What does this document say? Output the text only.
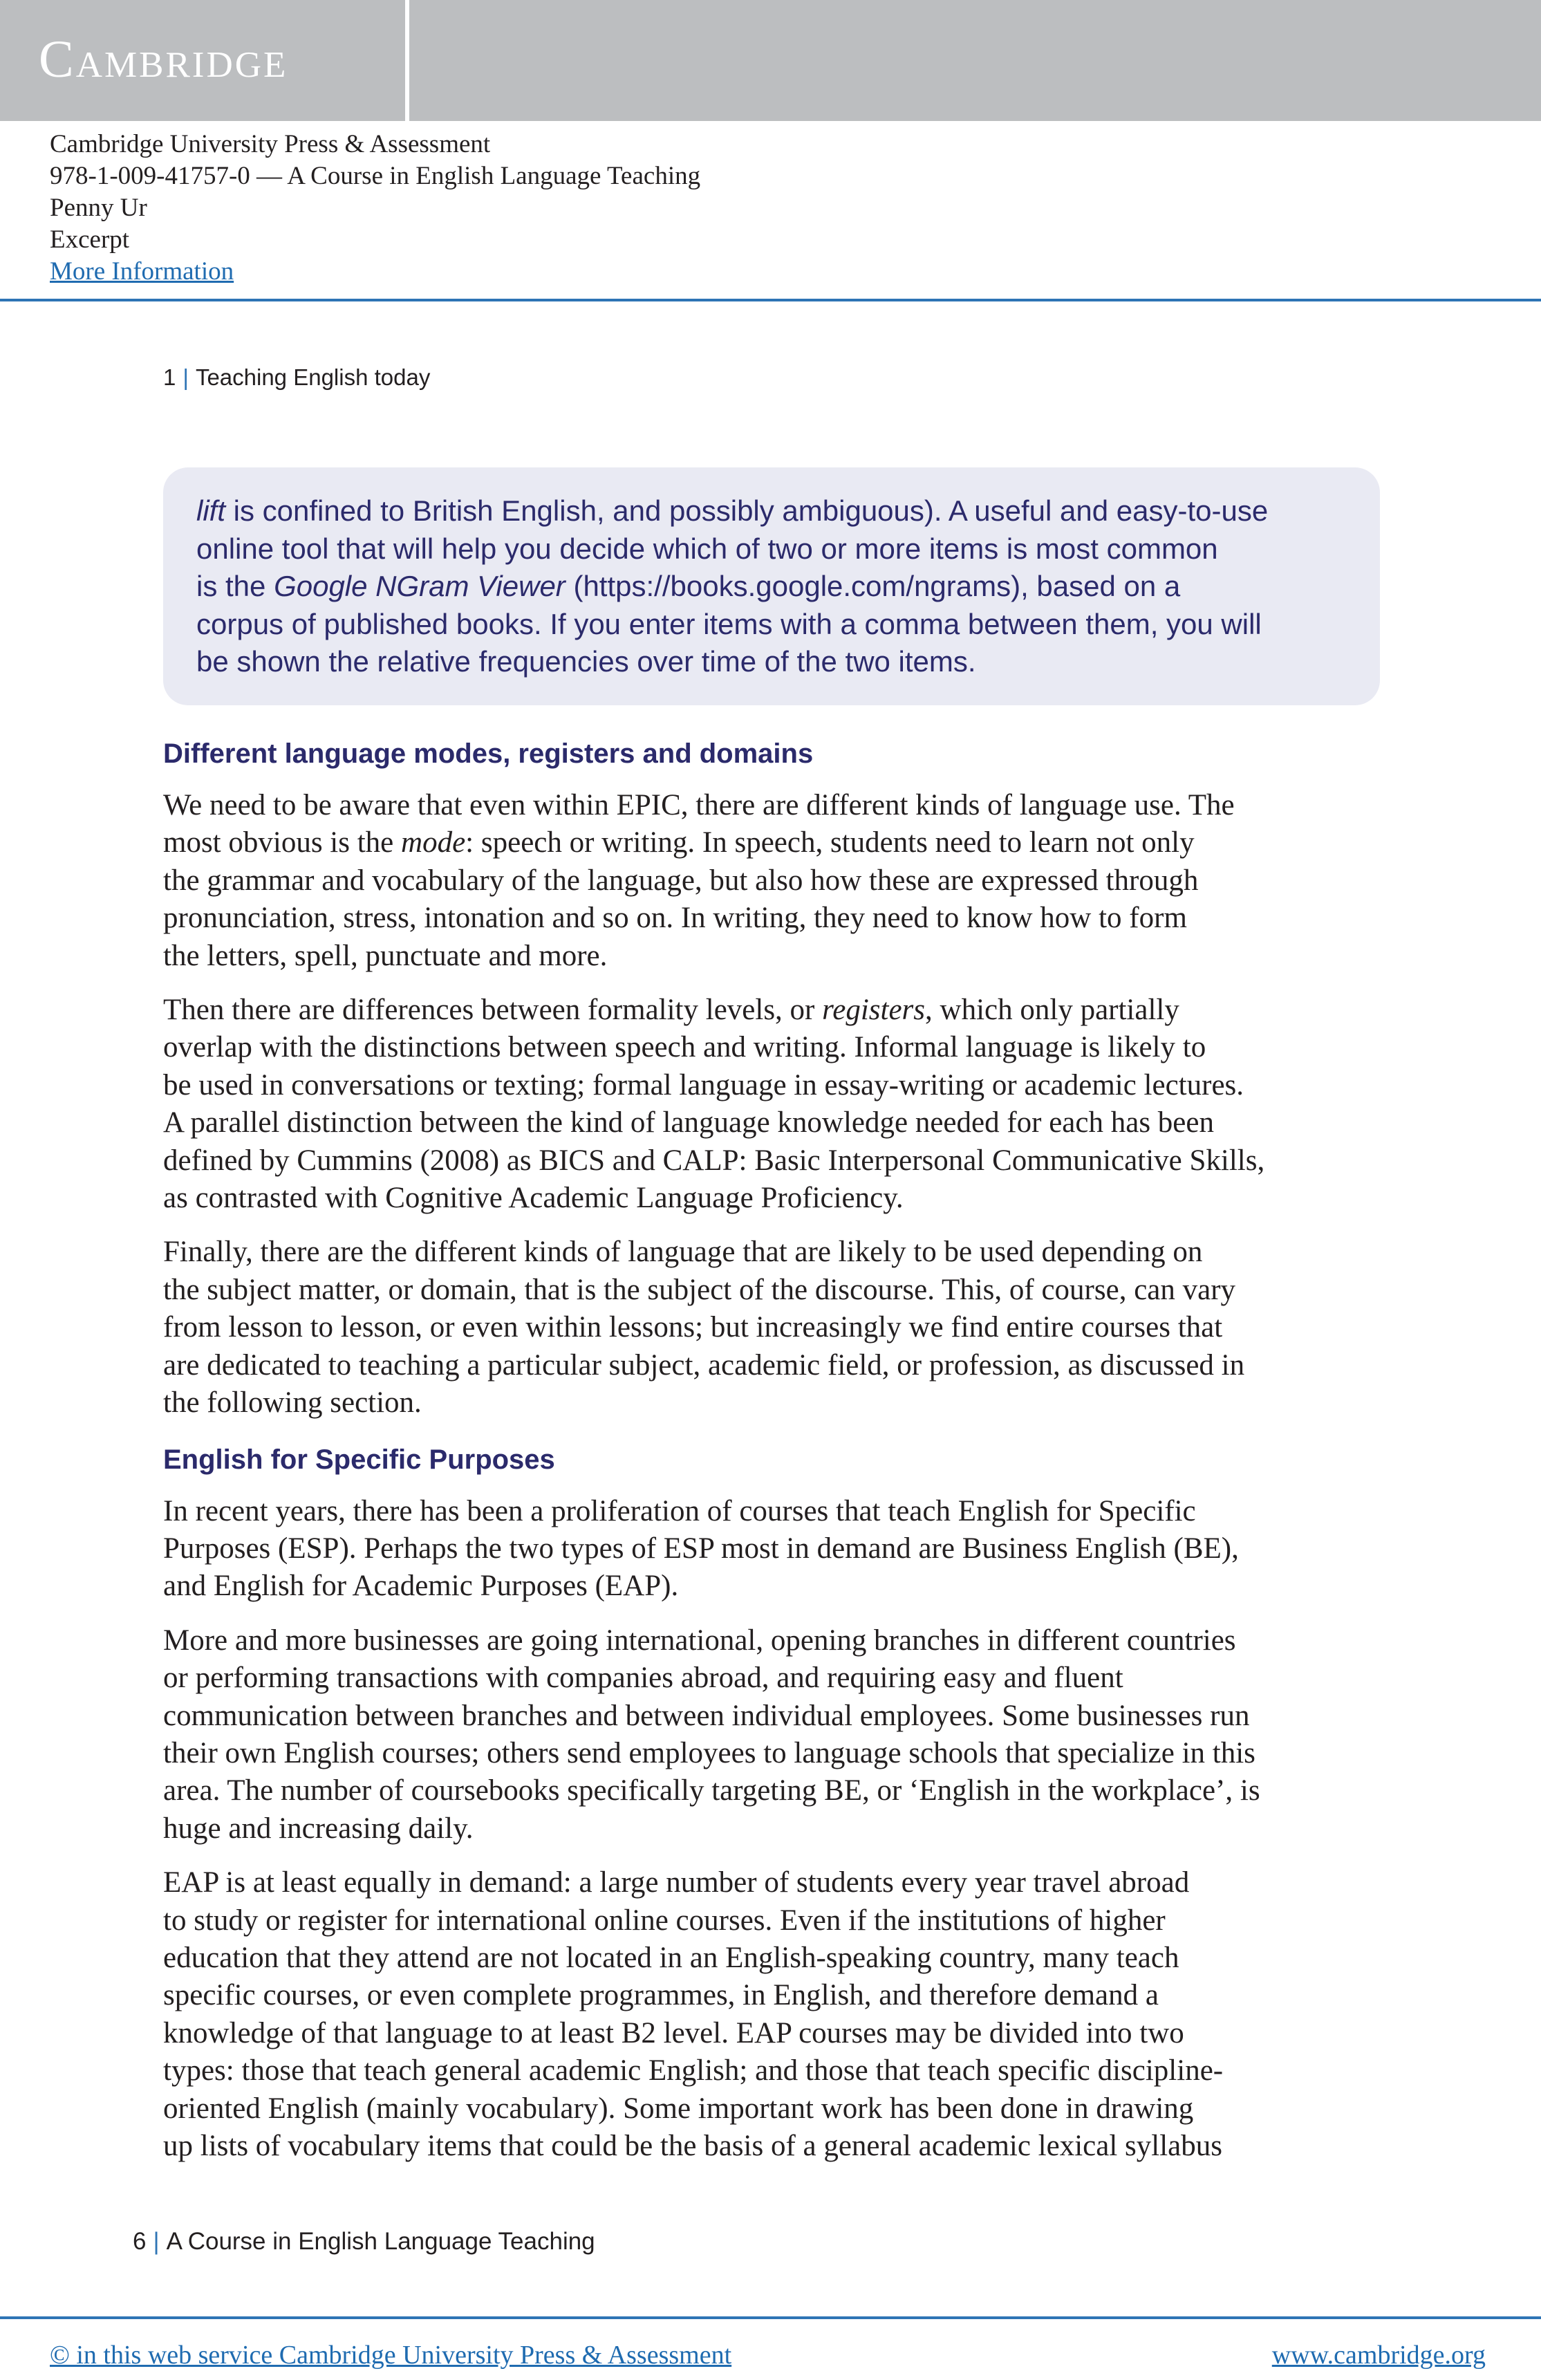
Cambridge
Cambridge University Press & Assessment
978-1-009-41757-0 — A Course in English Language Teaching
Penny Ur
Excerpt
More Information
1 | Teaching English today
lift is confined to British English, and possibly ambiguous). A useful and easy-to-use
online tool that will help you decide which of two or more items is most common
is the Google NGram Viewer (https://books.google.com/ngrams), based on a
corpus of published books. If you enter items with a comma between them, you will
be shown the relative frequencies over time of the two items.
Different language modes, registers and domains
We need to be aware that even within EPIC, there are different kinds of language use. The
most obvious is the mode: speech or writing. In speech, students need to learn not only
the grammar and vocabulary of the language, but also how these are expressed through
pronunciation, stress, intonation and so on. In writing, they need to know how to form
the letters, spell, punctuate and more.
Then there are differences between formality levels, or registers, which only partially
overlap with the distinctions between speech and writing. Informal language is likely to
be used in conversations or texting; formal language in essay-writing or academic lectures.
A parallel distinction between the kind of language knowledge needed for each has been
defined by Cummins (2008) as BICS and CALP: Basic Interpersonal Communicative Skills,
as contrasted with Cognitive Academic Language Proficiency.
Finally, there are the different kinds of language that are likely to be used depending on
the subject matter, or domain, that is the subject of the discourse. This, of course, can vary
from lesson to lesson, or even within lessons; but increasingly we find entire courses that
are dedicated to teaching a particular subject, academic field, or profession, as discussed in
the following section.
English for Specific Purposes
In recent years, there has been a proliferation of courses that teach English for Specific
Purposes (ESP). Perhaps the two types of ESP most in demand are Business English (BE),
and English for Academic Purposes (EAP).
More and more businesses are going international, opening branches in different countries
or performing transactions with companies abroad, and requiring easy and fluent
communication between branches and between individual employees. Some businesses run
their own English courses; others send employees to language schools that specialize in this
area. The number of coursebooks specifically targeting BE, or ‘English in the workplace’, is
huge and increasing daily.
EAP is at least equally in demand: a large number of students every year travel abroad
to study or register for international online courses. Even if the institutions of higher
education that they attend are not located in an English-speaking country, many teach
specific courses, or even complete programmes, in English, and therefore demand a
knowledge of that language to at least B2 level. EAP courses may be divided into two
types: those that teach general academic English; and those that teach specific discipline-
oriented English (mainly vocabulary). Some important work has been done in drawing
up lists of vocabulary items that could be the basis of a general academic lexical syllabus
6 | A Course in English Language Teaching
© in this web service Cambridge University Press & Assessment	www.cambridge.org
